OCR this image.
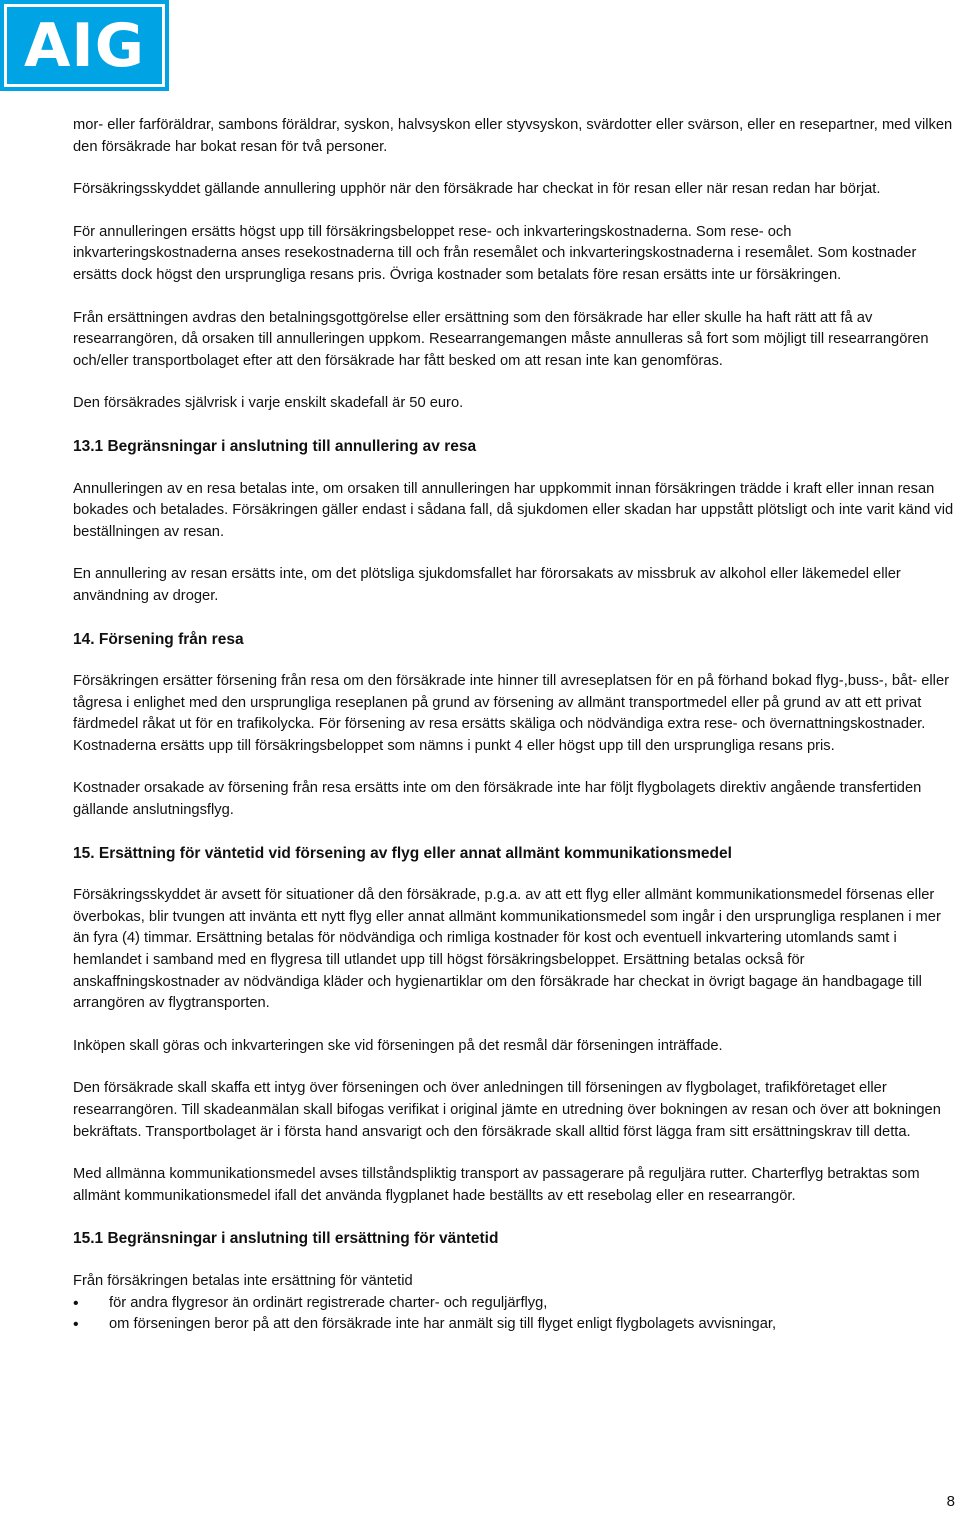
AIG

mor- eller farföräldrar, sambons föräldrar, syskon, halvsyskon eller styvsyskon, svärdotter eller svärson, eller en resepartner, med vilken den försäkrade har bokat resan för två personer.

Försäkringsskyddet gällande annullering upphör när den försäkrade har checkat in för resan eller när resan redan har börjat.

För annulleringen ersätts högst upp till försäkringsbeloppet rese- och inkvarteringskostnaderna. Som rese- och inkvarteringskostnaderna anses resekostnaderna till och från resemålet och inkvarteringskostnaderna i resemålet. Som kostnader ersätts dock högst den ursprungliga resans pris. Övriga kostnader som betalats före resan ersätts inte ur försäkringen.

Från ersättningen avdras den betalningsgottgörelse eller ersättning som den försäkrade har eller skulle ha haft rätt att få av researrangören, då orsaken till annulleringen uppkom. Researrangemangen måste annulleras så fort som möjligt till researrangören och/eller transportbolaget efter att den försäkrade har fått besked om att resan inte kan genomföras.

Den försäkrades självrisk i varje enskilt skadefall är 50 euro.

13.1 Begränsningar i anslutning till annullering av resa

Annulleringen av en resa betalas inte, om orsaken till annulleringen har uppkommit innan försäkringen trädde i kraft eller innan resan bokades och betalades. Försäkringen gäller endast i sådana fall, då sjukdomen eller skadan har uppstått plötsligt och inte varit känd vid beställningen av resan.

En annullering av resan ersätts inte, om det plötsliga sjukdomsfallet har förorsakats av missbruk av alkohol eller läkemedel eller användning av droger.

14. Försening från resa

Försäkringen ersätter försening från resa om den försäkrade inte hinner till avreseplatsen för en på förhand bokad flyg-,buss-, båt- eller tågresa i enlighet med den ursprungliga reseplanen på grund av försening av allmänt transportmedel eller på grund av att ett privat färdmedel råkat ut för en trafikolycka. För försening av resa ersätts skäliga och nödvändiga extra rese- och övernattningskostnader. Kostnaderna ersätts upp till försäkringsbeloppet som nämns i punkt 4 eller högst upp till den ursprungliga resans pris.

Kostnader orsakade av försening från resa ersätts inte om den försäkrade inte har följt flygbolagets direktiv angående transfertiden gällande anslutningsflyg.

15. Ersättning för väntetid vid försening av flyg eller annat allmänt kommunikationsmedel

Försäkringsskyddet är avsett för situationer då den försäkrade, p.g.a. av att ett flyg eller allmänt kommunikationsmedel försenas eller överbokas, blir tvungen att invänta ett nytt flyg eller annat allmänt kommunikationsmedel som ingår i den ursprungliga resplanen i mer än fyra (4) timmar. Ersättning betalas för nödvändiga och rimliga kostnader för kost och eventuell inkvartering utomlands samt i hemlandet i samband med en flygresa till utlandet upp till högst försäkringsbeloppet. Ersättning betalas också för anskaffningskostnader av nödvändiga kläder och hygienartiklar om den försäkrade har checkat in övrigt bagage än handbagage till arrangören av flygtransporten.

Inköpen skall göras och inkvarteringen ske vid förseningen på det resmål där förseningen inträffade.

Den försäkrade skall skaffa ett intyg över förseningen och över anledningen till förseningen av flygbolaget, trafikföretaget eller researrangören. Till skadeanmälan skall bifogas verifikat i original jämte en utredning över bokningen av resan och över att bokningen bekräftats. Transportbolaget är i första hand ansvarigt och den försäkrade skall alltid först lägga fram sitt ersättningskrav till detta.

Med allmänna kommunikationsmedel avses tillståndspliktig transport av passagerare på reguljära rutter. Charterflyg betraktas som allmänt kommunikationsmedel ifall det använda flygplanet hade beställts av ett resebolag eller en researrangör.

15.1 Begränsningar i anslutning till ersättning för väntetid

Från försäkringen betalas inte ersättning för väntetid

• för andra flygresor än ordinärt registrerade charter- och reguljärflyg,
• om förseningen beror på att den försäkrade inte har anmält sig till flyget enligt flygbolagets avvisningar,
8
